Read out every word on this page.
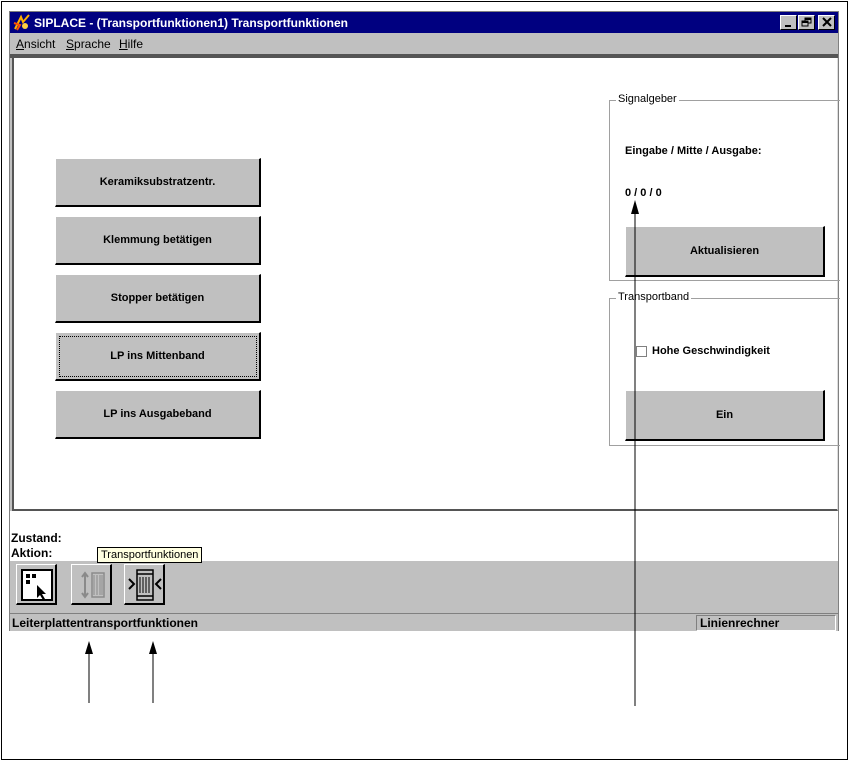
SIPLACE - (Transportfunktionen1) Transportfunktionen
Ansicht Sprache Hilfe
Keramiksubstratzentr.
Klemmung betätigen
Stopper betätigen
LP ins Mittenband
LP ins Ausgabeband
Signalgeber
Eingabe / Mitte / Ausgabe:
0 / 0 / 0
Aktualisieren
Transportband
Hohe Geschwindigkeit
Ein
Zustand:
Aktion:	Transportfunktionen
Leiterplattentransportfunktionen	Linienrechner
